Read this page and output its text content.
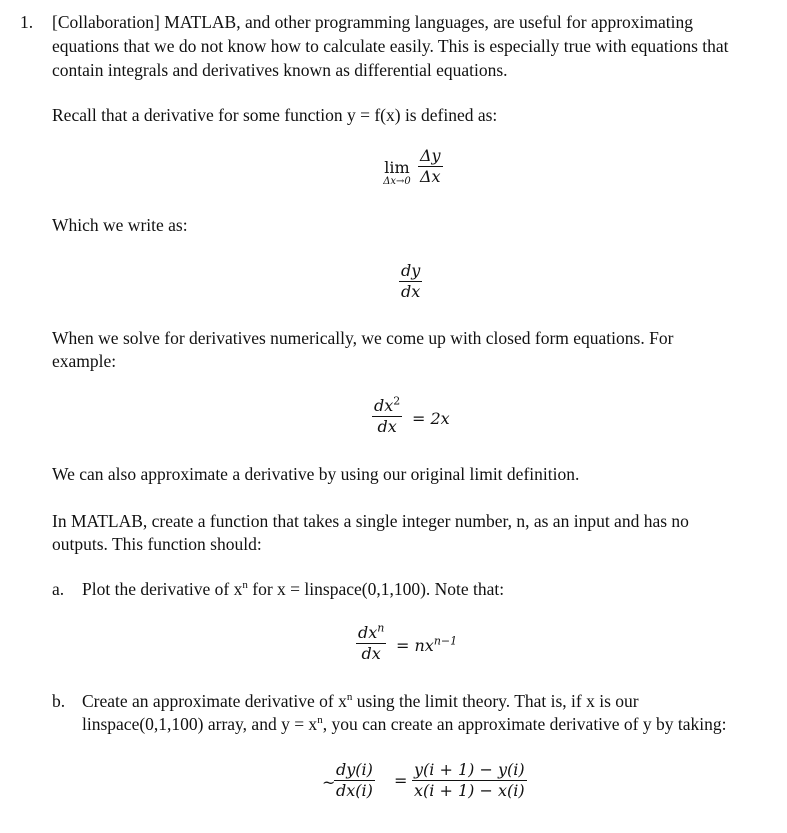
1. [Collaboration] MATLAB, and other programming languages, are useful for approximating
equations that we do not know how to calculate easily. This is especially true with equations that
contain integrals and derivatives known as differential equations.
Recall that a derivative for some function y = f(x) is defined as:
lim
$\Delta x\to 0 \frac{\Delta y}{\Delta x}$
Which we write as:
$\frac{dy}{dx}$
When we solve for derivatives numerically, we come up with closed form equations. For
example:
$\frac{dx^2}{dx} = 2x$
We can also approximate a derivative by using our original limit definition.
In MATLAB, create a function that takes a single integer number, n, as an input and has no
outputs. This function should:
a. Plot the derivative of $x^n$ for x = linspace(0,1,100). Note that:
$dx^n$
dx = $nx^{n-1}$
b. Create an approximate derivative of $x^n$ using the limit theory. That is, if x is our
linspace(0,1,100) array, and $y = x^n$, you can create an approximate derivative of y by taking:
~
$\frac{dy(i)}{dx(i)} = \frac{y(i + 1) - y(i)}{x(i + 1) - x(i)}$
